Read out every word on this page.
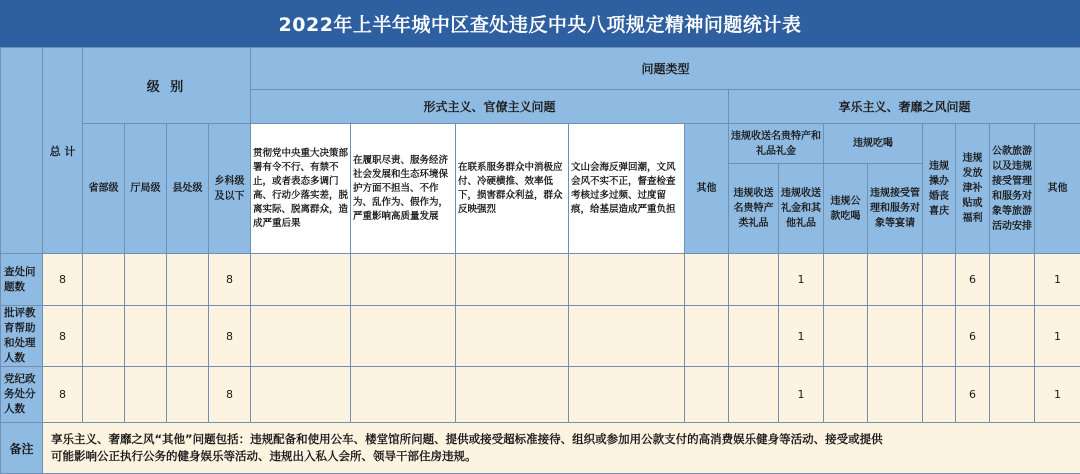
2022年上半年城中区查处违反中央八项规定精神问题统计表
	总 计	级 别				问题类型												
						形式主义、官僚主义问题					享乐主义、奢靡之风问题							
		省部级	厅局级	县处级	乡科级及以下	贯彻党中央重大决策部署有令不行、有禁不止，或者表态多调门高、行动少落实差，脱离实际、脱离群众，造成严重后果	在履职尽责、服务经济社会发展和生态环境保护方面不担当、不作为、乱作为、假作为，严重影响高质量发展	在联系服务群众中消极应付、冷硬横推、效率低下，损害群众利益，群众反映强烈	文山会海反弹回潮，文风会风不实不正，督查检查考核过多过频、过度留痕，给基层造成严重负担	其他	违规收送名贵特产和礼品礼金		违规吃喝		违规操办婚丧喜庆	违规发放津补贴或福利	公款旅游以及违规接受管理和服务对象等旅游活动安排	其他
											违规收送名贵特产类礼品	违规收送礼金和其他礼品	违规公款吃喝	违规接受管理和服务对象等宴请				

查处问题数	8				8							1				6		1

批评教育帮助和处理人数	8				8							1				6		1

党纪政务处分人数	8				8							1				6		1
备注	享乐主义、奢靡之风“其他”问题包括：违规配备和使用公车、楼堂馆所问题、提供或接受超标准接待、组织或参加用公款支付的高消费娱乐健身等活动、接受或提供
可能影响公正执行公务的健身娱乐等活动、违规出入私人会所、领导干部住房违规。																	
